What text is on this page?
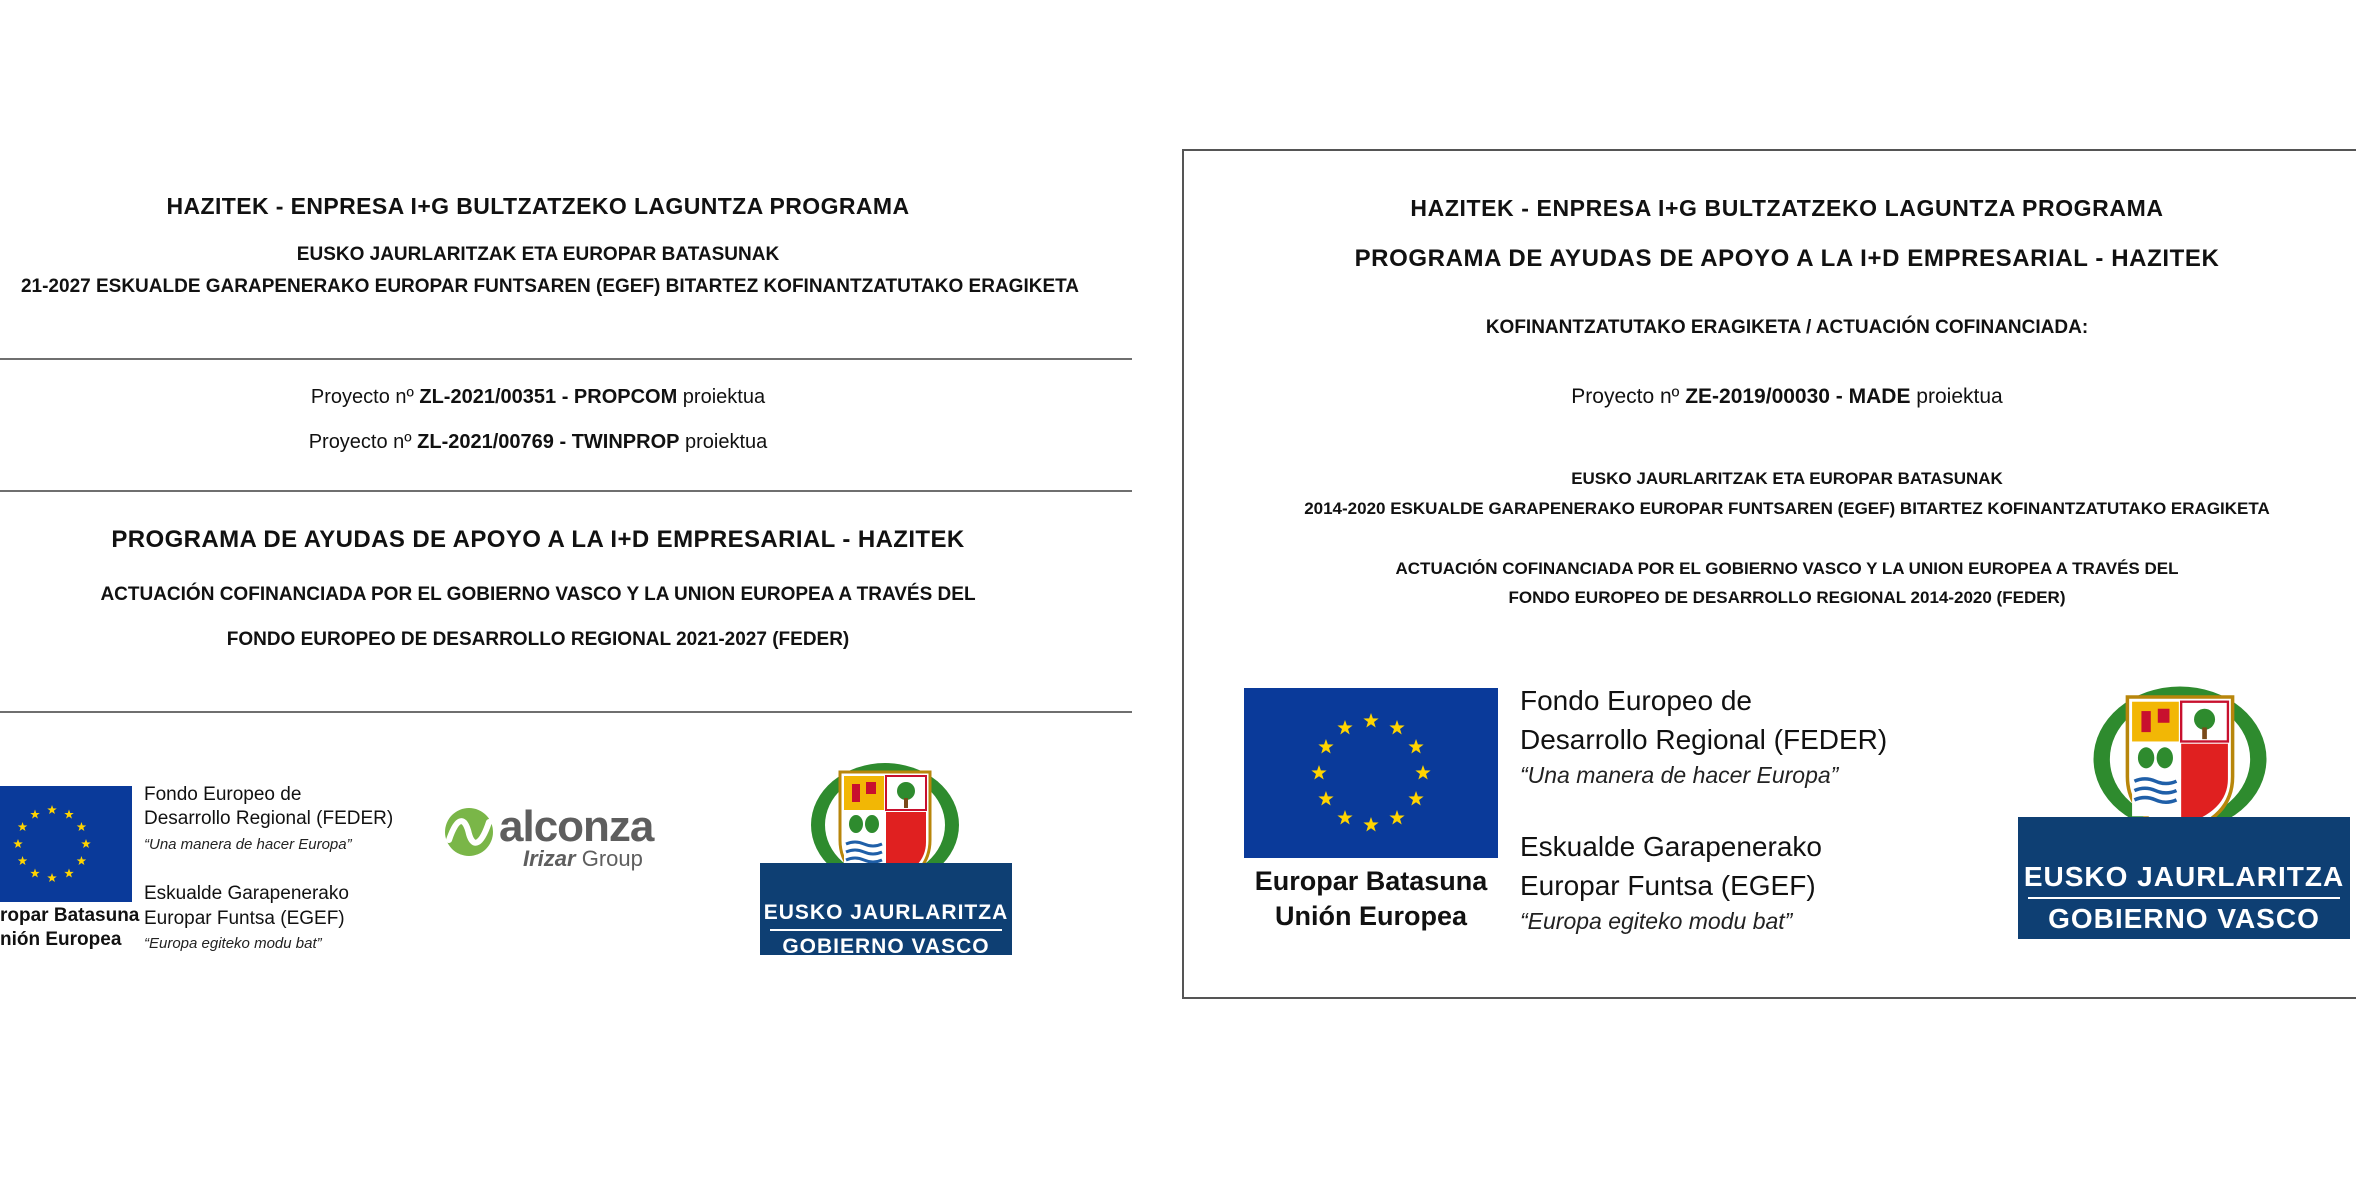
HAZITEK - ENPRESA I+G BULTZATZEKO LAGUNTZA PROGRAMA
EUSKO JAURLARITZAK ETA EUROPAR BATASUNAK
21-2027 ESKUALDE GARAPENERAKO EUROPAR FUNTSAREN (EGEF) BITARTEZ KOFINANTZATUTAKO ERAGIKETA
Proyecto nº ZL-2021/00351 - PROPCOM proiektua
Proyecto nº ZL-2021/00769 - TWINPROP proiektua
PROGRAMA DE AYUDAS DE APOYO A LA I+D EMPRESARIAL - HAZITEK
ACTUACIÓN COFINANCIADA POR EL GOBIERNO VASCO Y LA UNION EUROPEA A TRAVÉS DEL
FONDO EUROPEO DE DESARROLLO REGIONAL 2021-2027 (FEDER)
ropar Batasuna
nión Europea
Fondo Europeo de
Desarrollo Regional (FEDER)
“Una manera de hacer Europa”
Eskualde Garapenerako
Europar Funtsa (EGEF)
“Europa egiteko modu bat”
alconza
Irizar Group
EUSKO JAURLARITZA
GOBIERNO VASCO
HAZITEK - ENPRESA I+G BULTZATZEKO LAGUNTZA PROGRAMA
PROGRAMA DE AYUDAS DE APOYO A LA I+D EMPRESARIAL - HAZITEK
KOFINANTZATUTAKO ERAGIKETA / ACTUACIÓN COFINANCIADA:
Proyecto nº ZE-2019/00030 - MADE proiektua
EUSKO JAURLARITZAK ETA EUROPAR BATASUNAK
2014-2020 ESKUALDE GARAPENERAKO EUROPAR FUNTSAREN (EGEF) BITARTEZ KOFINANTZATUTAKO ERAGIKETA
ACTUACIÓN COFINANCIADA POR EL GOBIERNO VASCO Y LA UNION EUROPEA A TRAVÉS DEL
FONDO EUROPEO DE DESARROLLO REGIONAL 2014-2020 (FEDER)
Europar Batasuna
Unión Europea
Fondo Europeo de
Desarrollo Regional (FEDER)
“Una manera de hacer Europa”
Eskualde Garapenerako
Europar Funtsa (EGEF)
“Europa egiteko modu bat”
EUSKO JAURLARITZA
GOBIERNO VASCO
